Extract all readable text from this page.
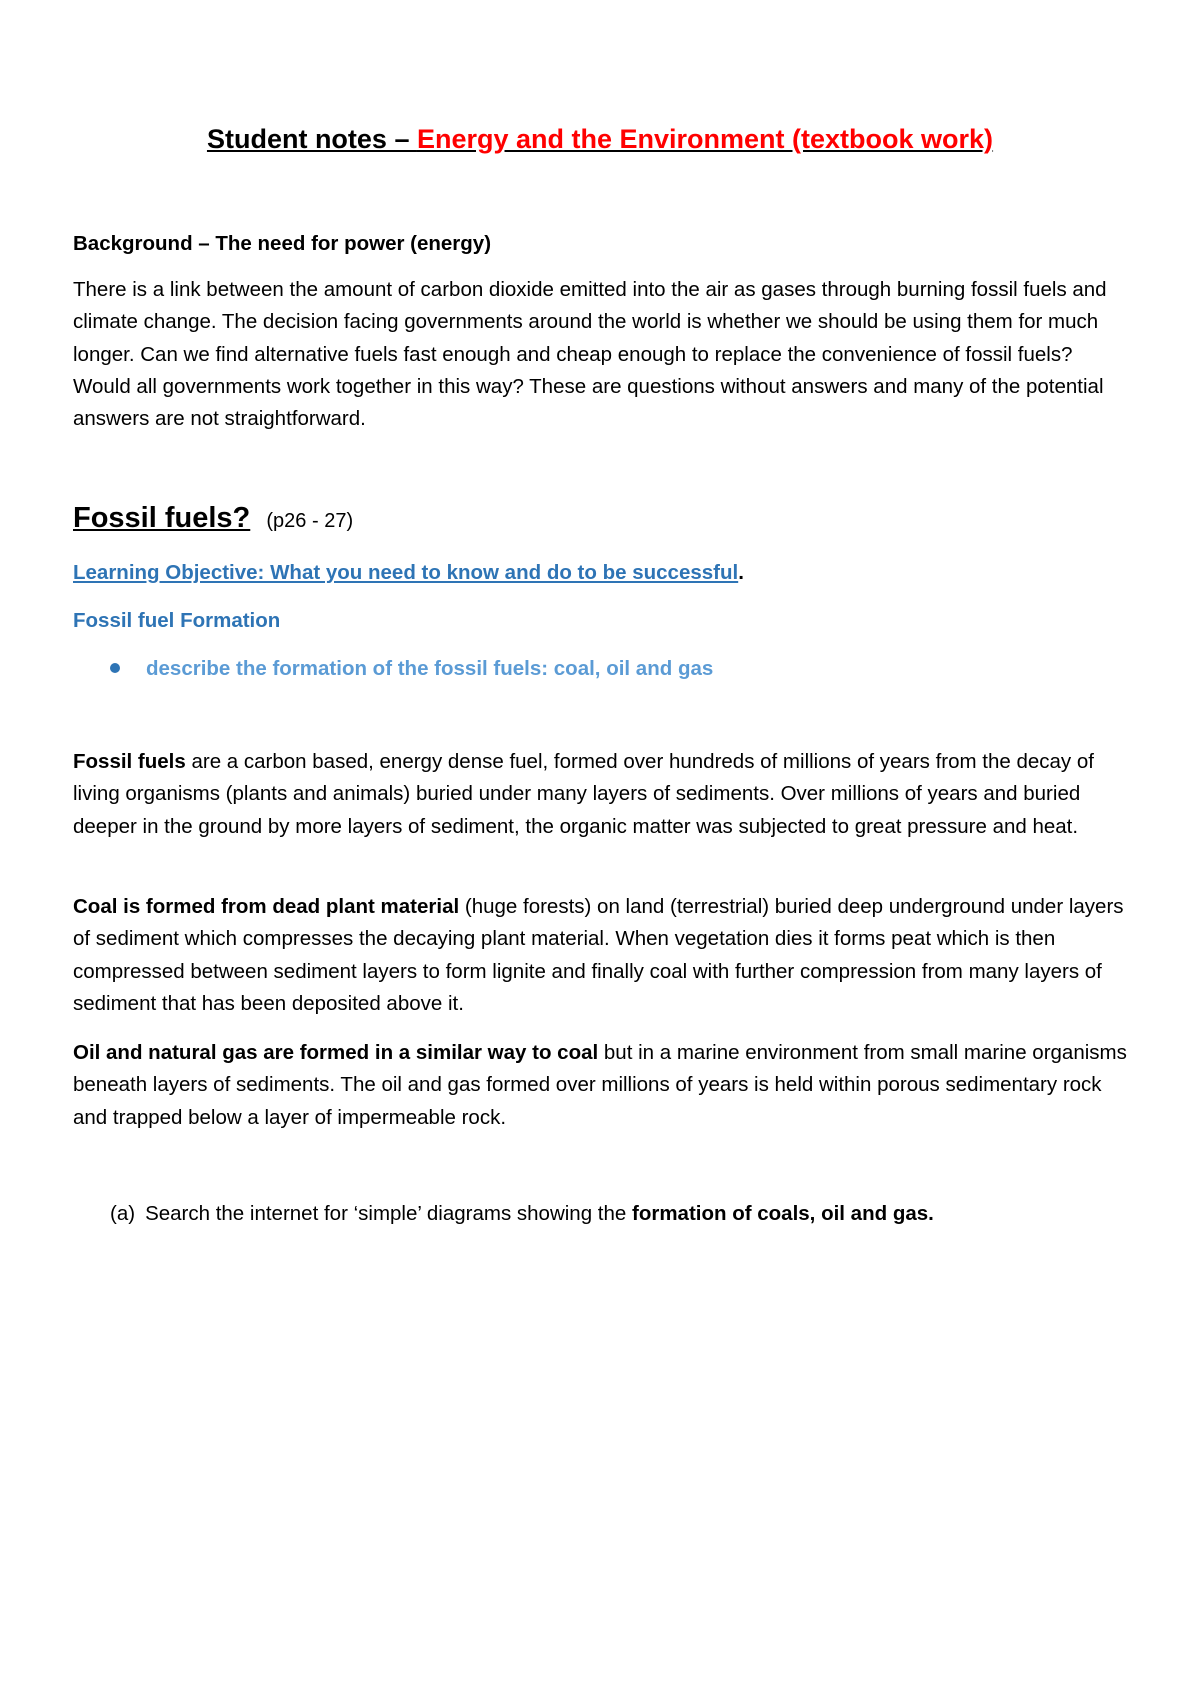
Student notes – Energy and the Environment (textbook work)
Background – The need for power (energy)
There is a link between the amount of carbon dioxide emitted into the air as gases through burning fossil fuels and climate change. The decision facing governments around the world is whether we should be using them for much longer. Can we find alternative fuels fast enough and cheap enough to replace the convenience of fossil fuels? Would all governments work together in this way? These are questions without answers and many of the potential answers are not straightforward.
Fossil fuels? (p26 - 27)
Learning Objective: What you need to know and do to be successful.
Fossil fuel Formation
describe the formation of the fossil fuels: coal, oil and gas
Fossil fuels are a carbon based, energy dense fuel, formed over hundreds of millions of years from the decay of living organisms (plants and animals) buried under many layers of sediments. Over millions of years and buried deeper in the ground by more layers of sediment, the organic matter was subjected to great pressure and heat.
Coal is formed from dead plant material (huge forests) on land (terrestrial) buried deep underground under layers of sediment which compresses the decaying plant material. When vegetation dies it forms peat which is then compressed between sediment layers to form lignite and finally coal with further compression from many layers of sediment that has been deposited above it.
Oil and natural gas are formed in a similar way to coal but in a marine environment from small marine organisms beneath layers of sediments. The oil and gas formed over millions of years is held within porous sedimentary rock and trapped below a layer of impermeable rock.
(a) Search the internet for ‘simple’ diagrams showing the formation of coals, oil and gas.
